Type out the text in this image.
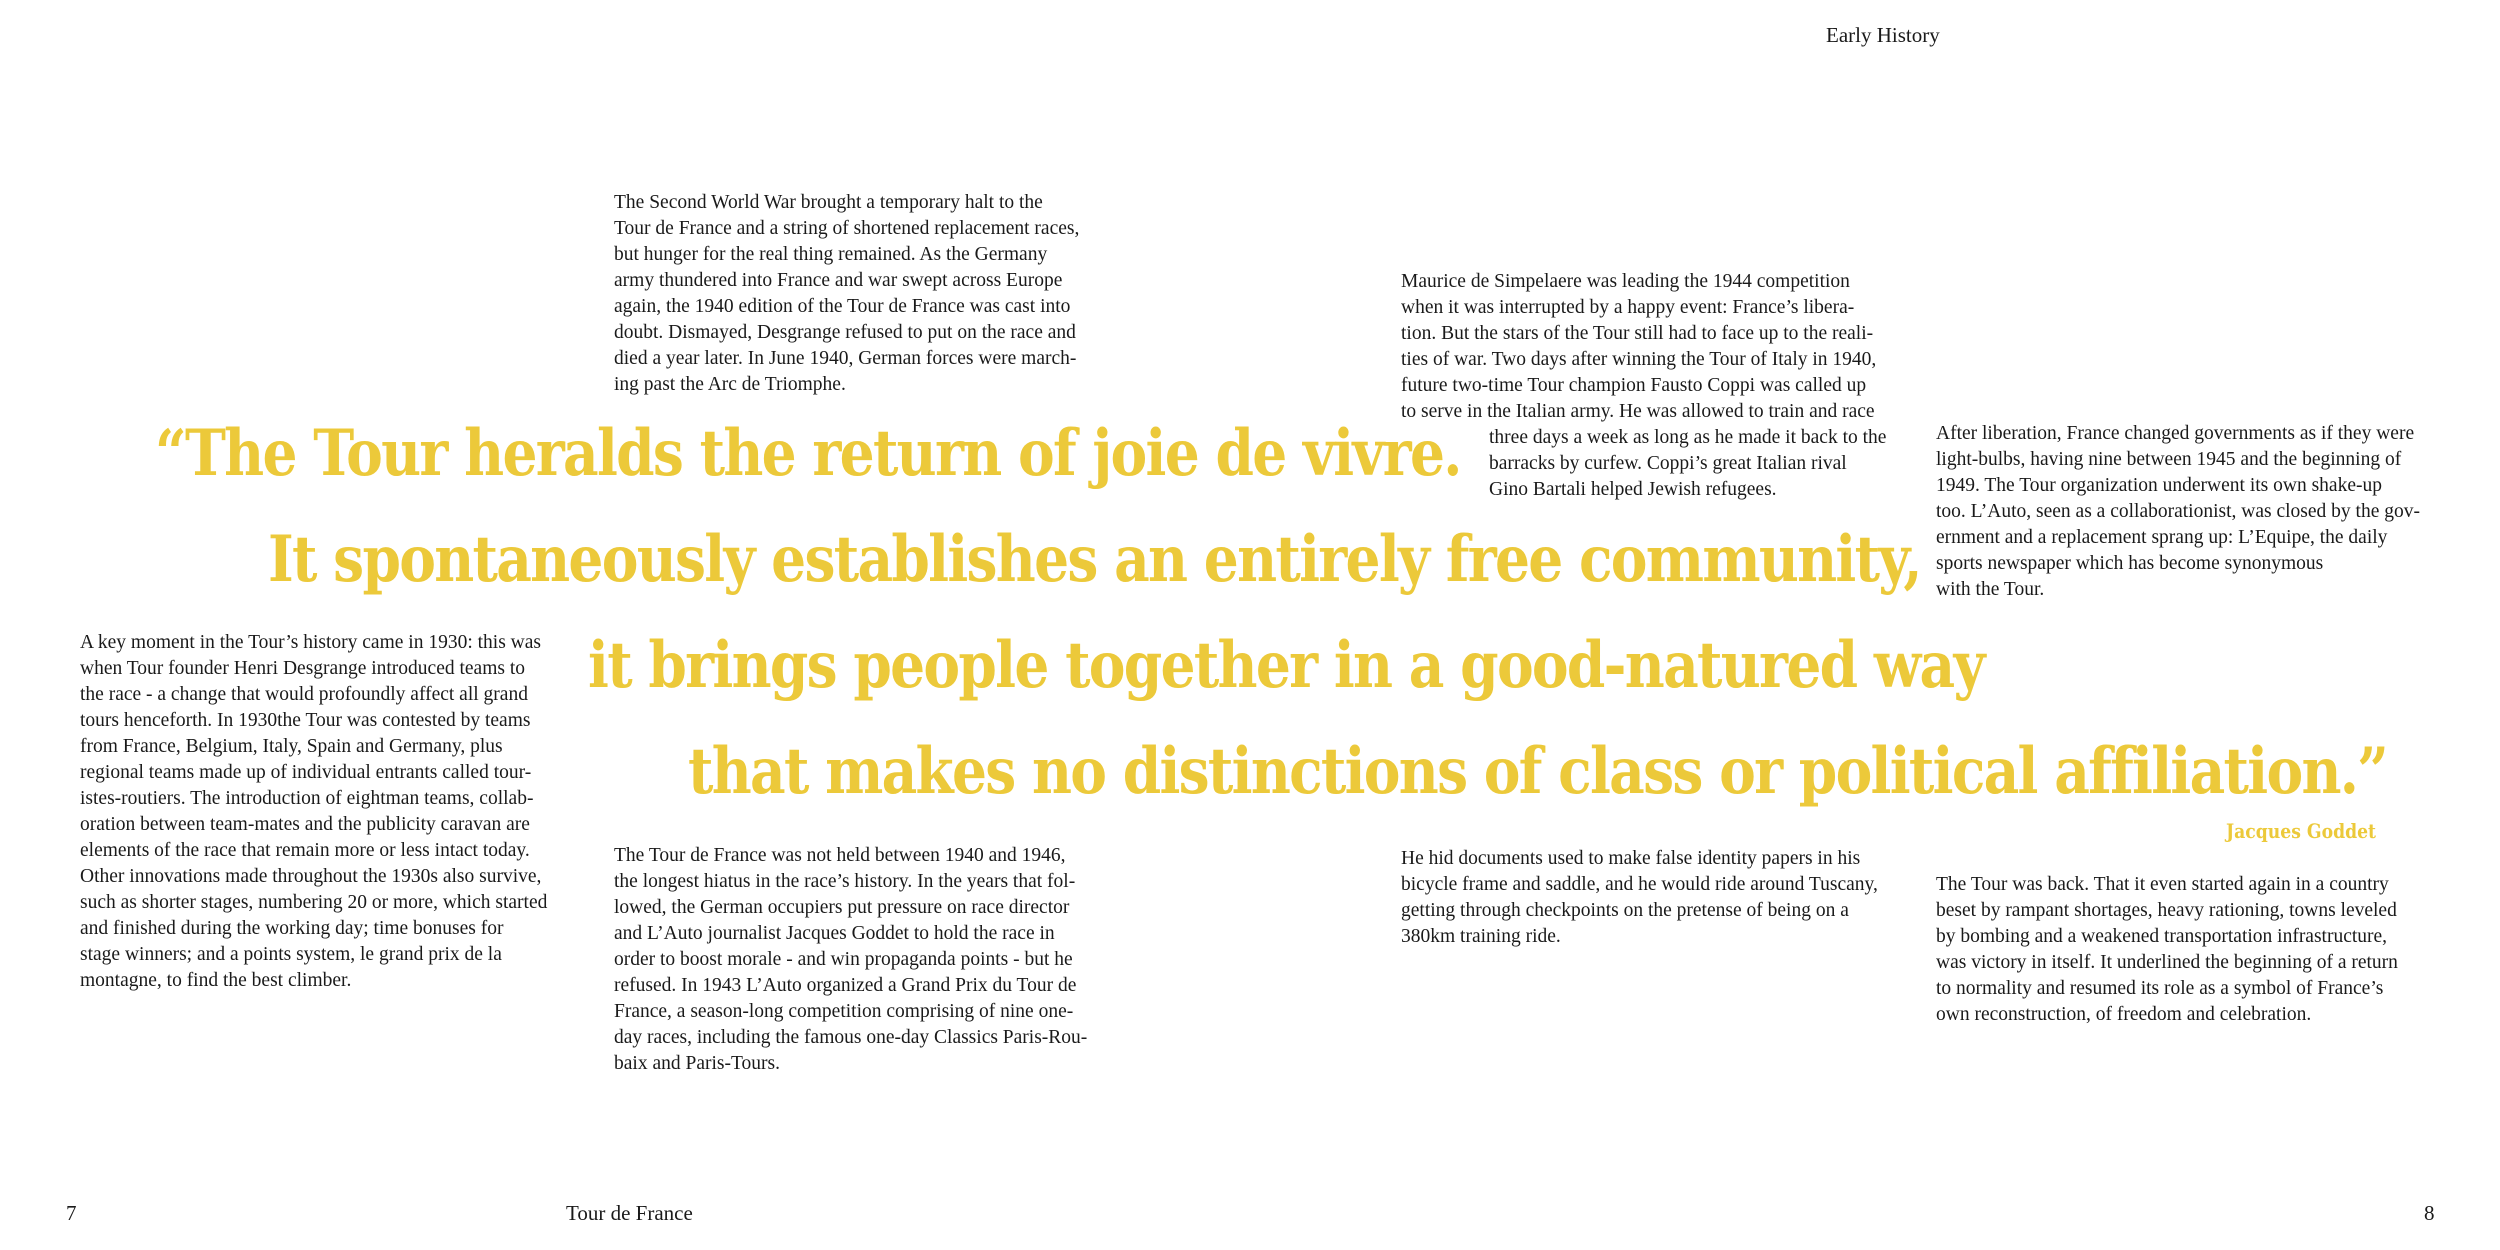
Early History
7	Tour de France	8
“The Tour heralds the return of joie de vivre.
It spontaneously establishes an entirely free community,
it brings people together in a good-natured way
that makes no distinctions of class or political affiliation.”
Jacques Goddet
A key moment in the Tour’s history came in 1930: this was
when Tour founder Henri Desgrange introduced teams to
the race - a change that would profoundly affect all grand
tours henceforth. In 1930the Tour was contested by teams
from France, Belgium, Italy, Spain and Germany, plus
regional teams made up of individual entrants called tour-
istes-routiers. The introduction of eightman teams, collab-
oration between team-mates and the publicity caravan are
elements of the race that remain more or less intact today.
Other innovations made throughout the 1930s also survive,
such as shorter stages, numbering 20 or more, which started
and finished during the working day; time bonuses for
stage winners; and a points system, le grand prix de la
montagne, to find the best climber.
The Second World War brought a temporary halt to the
Tour de France and a string of shortened replacement races,
but hunger for the real thing remained. As the Germany
army thundered into France and war swept across Europe
again, the 1940 edition of the Tour de France was cast into
doubt. Dismayed, Desgrange refused to put on the race and
died a year later. In June 1940, German forces were march-
ing past the Arc de Triomphe.
The Tour de France was not held between 1940 and 1946,
the longest hiatus in the race’s history. In the years that fol-
lowed, the German occupiers put pressure on race director
and L’Auto journalist Jacques Goddet to hold the race in
order to boost morale - and win propaganda points - but he
refused. In 1943 L’Auto organized a Grand Prix du Tour de
France, a season-long competition comprising of nine one-
day races, including the famous one-day Classics Paris-Rou-
baix and Paris-Tours.
Maurice de Simpelaere was leading the 1944 competition
when it was interrupted by a happy event: France’s libera-
tion. But the stars of the Tour still had to face up to the reali-
ties of war. Two days after winning the Tour of Italy in 1940,
future two-time Tour champion Fausto Coppi was called up
to serve in the Italian army. He was allowed to train and race
three days a week as long as he made it back to the
barracks by curfew. Coppi’s great Italian rival
Gino Bartali helped Jewish refugees.
He hid documents used to make false identity papers in his
bicycle frame and saddle, and he would ride around Tuscany,
getting through checkpoints on the pretense of being on a
380km training ride.
After liberation, France changed governments as if they were
light-bulbs, having nine between 1945 and the beginning of
1949. The Tour organization underwent its own shake-up
too. L’Auto, seen as a collaborationist, was closed by the gov-
ernment and a replacement sprang up: L’Equipe, the daily
sports newspaper which has become synonymous
with the Tour.
The Tour was back. That it even started again in a country
beset by rampant shortages, heavy rationing, towns leveled
by bombing and a weakened transportation infrastructure,
was victory in itself. It underlined the beginning of a return
to normality and resumed its role as a symbol of France’s
own reconstruction, of freedom and celebration.
